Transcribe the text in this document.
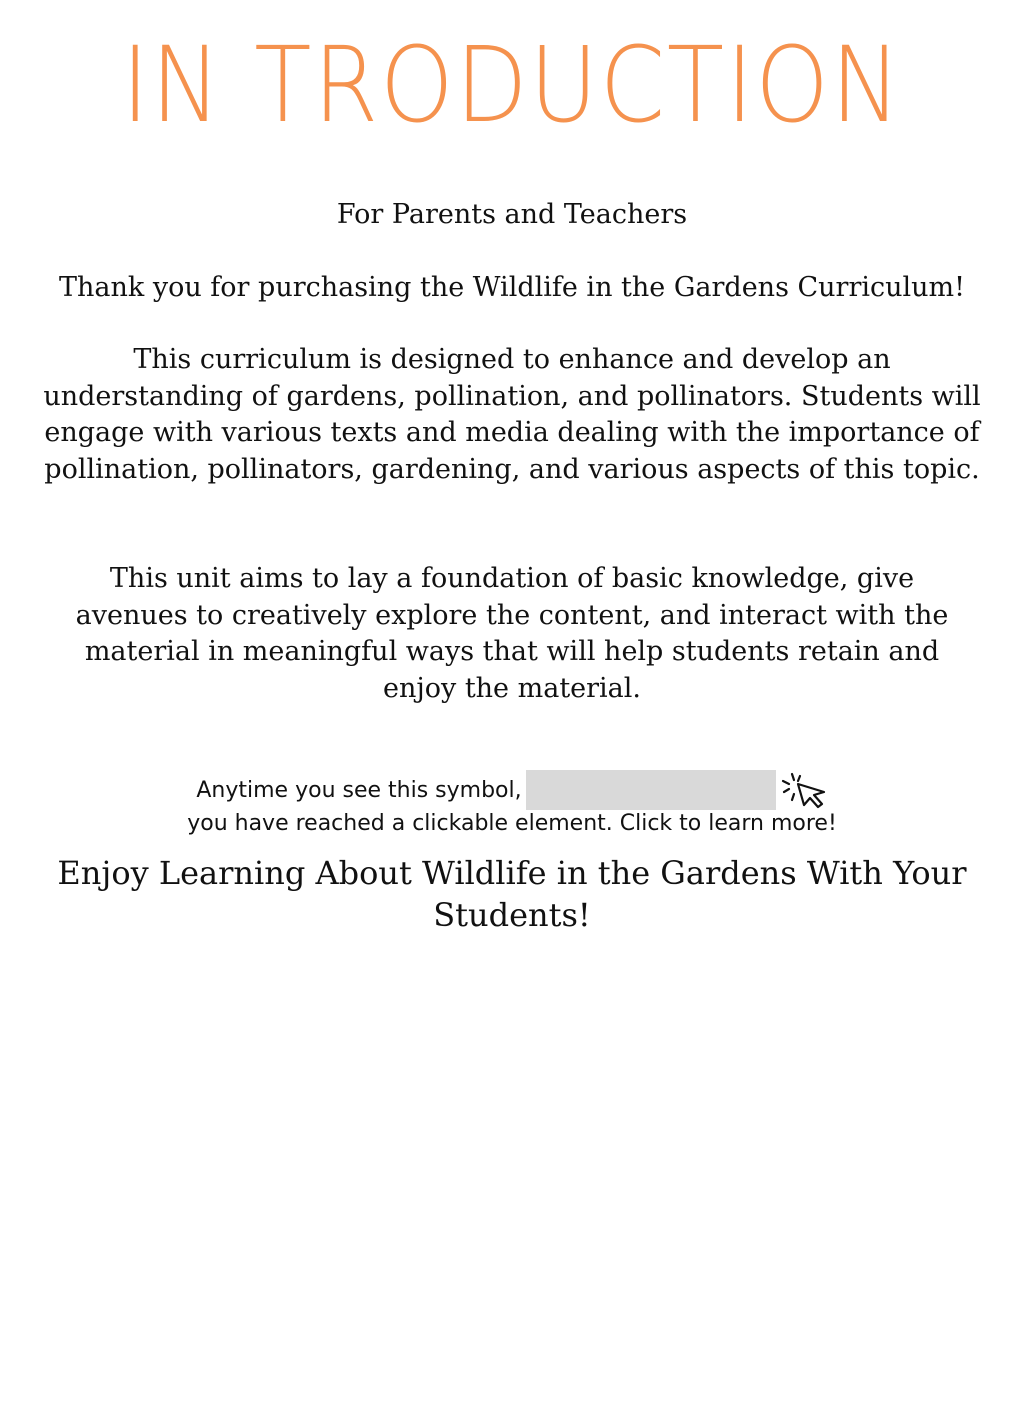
IN TRODUCTION

For Parents and Teachers

Thank you for purchasing the Wildlife in the Gardens Curriculum!

This curriculum is designed to enhance and develop an understanding of gardens, pollination, and pollinators. Students will engage with various texts and media dealing with the importance of pollination, pollinators, gardening, and various aspects of this topic.

This unit aims to lay a foundation of basic knowledge, give avenues to creatively explore the content, and interact with the material in meaningful ways that will help students retain and enjoy the material.

Anytime you see this symbol,
you have reached a clickable element. Click to learn more!
Enjoy Learning About Wildlife in the Gardens With Your Students!
